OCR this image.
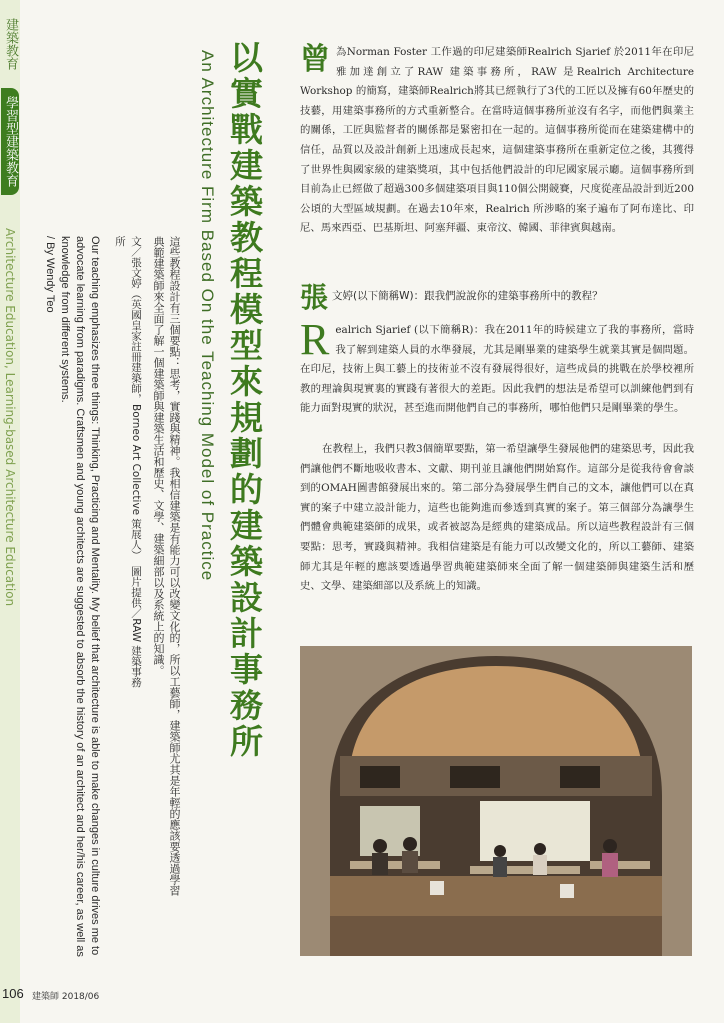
建築教育
學習型建築教育
Architecture Education, Learning-based Architecture Education	以實戰建築教程模型來規劃的建築設計事務所
An Architecture Firm Based On the Teaching Model of Practice
這些教程設計有三個要點：思考，實踐與精神。我相信建築是有能力可以改變文化的，所以工藝師，建築師尤其是年輕的應該要透過學習典範建築師來全面了解一個建築師與建築生活和歷史、文學、建築細部以及系統上的知識。
文／張文婷（英國皇家註冊建築師，Borneo Art Collective 策展人）　圖片提供／RAW 建築事務所
Our teaching emphasizes three things: Thinking, Practicing and Mentality. My belief that architecture is able to make changes in culture drives me to advocate learning from paradigms. Craftsmen and young architects are suggested to absorb the history of an architect and her/his career, as well as knowledge from different systems.
/ By Wendy Teo
曾為Norman Foster 工作過的印尼建築師Realrich Sjarief 於2011年在印尼雅加達創立了RAW 建築事務所，RAW 是Realrich Architecture Workshop 的簡寫，建築師Realrich將其已經執行了3代的工匠以及擁有60年歷史的技藝，用建築事務所的方式重新整合。在當時這個事務所並沒有名字，而他們與業主的關係，工匠與監督者的關係都是緊密扣在一起的。這個事務所從而在建築建構中的信任，品質以及設計創新上迅速成長起來，這個建築事務所在重新定位之後，其獲得了世界性與國家級的建築獎項，其中包括他們設計的印尼國家展示廳。這個事務所到目前為止已經做了超過300多個建築項目與110個公開競賽，尺度從產品設計到近200公頃的大型區域規劃。在過去10年來，Realrich 所涉略的案子遍布了阿布達比、印尼、馬來西亞、巴基斯坦、阿塞拜疆、東帝汶、韓國、菲律賓與越南。
張文婷(以下簡稱W)：跟我們說說你的建築事務所中的教程？
Realrich Sjarief (以下簡稱R)：我在2011年的時候建立了我的事務所，當時我了解到建築人員的水準發展，尤其是剛畢業的建築學生就業其實是個問題。在印尼，技術上與工藝上的技術並不沒有發展得很好，這些成員的挑戰在於學校裡所教的理論與現實裏的實踐有著很大的差距。因此我們的想法是希望可以訓練他們到有能力面對現實的狀況，甚至進而開他們自己的事務所，哪怕他們只是剛畢業的學生。
在教程上，我們只教3個簡單要點，第一希望讓學生發展他們的建築思考，因此我們讓他們不斷地吸收書本、文獻、期刊並且讓他們開始寫作。這部分是從我待會會談到的OMAH圖書館發展出來的。第二部分為發展學生們自己的文本，讓他們可以在真實的案子中建立設計能力，這些也能夠進而參透到真實的案子。第三個部分為讓學生們體會典範建築師的成果，或者被認為是經典的建築成品。所以這些教程設計有三個要點：思考，實踐與精神。我相信建築是有能力可以改變文化的，所以工藝師、建築師尤其是年輕的應該要透過學習典範建築師來全面了解一個建築師與建築生活和歷史、文學、建築細部以及系統上的知識。
106 建築師 2018/06
